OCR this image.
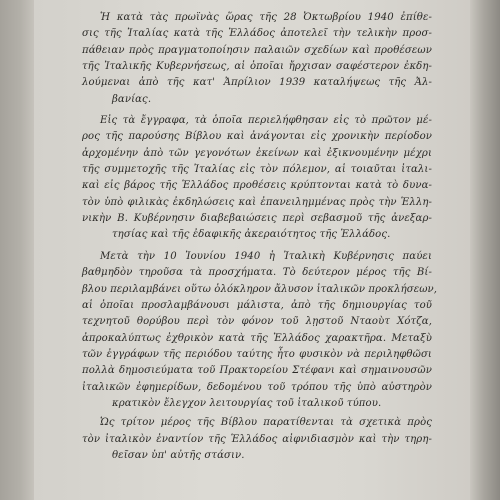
Ἡ κατὰ τὰς πρωϊνὰς ὥρας τῆς 28 Ὀκτωβρίου 1940 ἐπίθε-
σις τῆς Ἰταλίας κατὰ τῆς Ἑλλάδος ἀποτελεῖ τὴν τελικὴν προσ-
πάθειαν πρὸς πραγματοποίησιν παλαιῶν σχεδίων καὶ προθέσεων
τῆς Ἰταλικῆς Κυβερνήσεως, αἱ ὁποῖαι ἤρχισαν σαφέστερον ἐκδη-
λούμεναι ἀπὸ τῆς κατ' Ἀπρίλιον 1939 καταλήψεως τῆς Ἀλ-
βανίας.
Εἰς τὰ ἔγγραφα, τὰ ὁποῖα περιελήφθησαν εἰς τὸ πρῶτον μέ-
ρος τῆς παρούσης Βίβλου καὶ ἀνάγονται εἰς χρονικὴν περίοδον
ἀρχομένην ἀπὸ τῶν γεγονότων ἐκείνων καὶ ἐξικνουμένην μέχρι
τῆς συμμετοχῆς τῆς Ἰταλίας εἰς τὸν πόλεμον, αἱ τοιαῦται ἰταλι-
καὶ εἰς βάρος τῆς Ἑλλάδος προθέσεις κρύπτονται κατὰ τὸ δυνα-
τὸν ὑπὸ φιλικὰς ἐκδηλώσεις καὶ ἐπανειλημμένας πρὸς τὴν Ἑλλη-
νικὴν Β. Κυβέρνησιν διαβεβαιώσεις περὶ σεβασμοῦ τῆς ἀνεξαρ-
τησίας καὶ τῆς ἐδαφικῆς ἀκεραιότητος τῆς Ἑλλάδος.
Μετὰ τὴν 10 Ἰουνίου 1940 ἡ Ἰταλικὴ Κυβέρνησις παύει
βαθμηδὸν τηροῦσα τὰ προσχήματα. Τὸ δεύτερον μέρος τῆς Βί-
βλου περιλαμβάνει οὕτω ὁλόκληρον ἄλυσον ἰταλικῶν προκλήσεων,
αἱ ὁποῖαι προσλαμβάνουσι μάλιστα, ἀπὸ τῆς δημιουργίας τοῦ
τεχνητοῦ θορύβου περὶ τὸν φόνον τοῦ λῃστοῦ Νταοὺτ Χότζα,
ἀπροκαλύπτως ἐχθρικὸν κατὰ τῆς Ἑλλάδος χαρακτῆρα. Μεταξὺ
τῶν ἐγγράφων τῆς περιόδου ταύτης ἦτο φυσικὸν νὰ περιληφθῶσι
πολλὰ δημοσιεύματα τοῦ Πρακτορείου Στέφανι καὶ σημαινουσῶν
ἰταλικῶν ἐφημερίδων, δεδομένου τοῦ τρόπου τῆς ὑπὸ αὐστηρὸν
κρατικὸν ἔλεγχον λειτουργίας τοῦ ἰταλικοῦ τύπου.
Ὡς τρίτον μέρος τῆς Βίβλου παρατίθενται τὰ σχετικὰ πρὸς
τὸν ἰταλικὸν ἐναντίον τῆς Ἑλλάδος αἰφνιδιασμὸν καὶ τὴν τηρη-
θεῖσαν ὑπ' αὐτῆς στάσιν.
